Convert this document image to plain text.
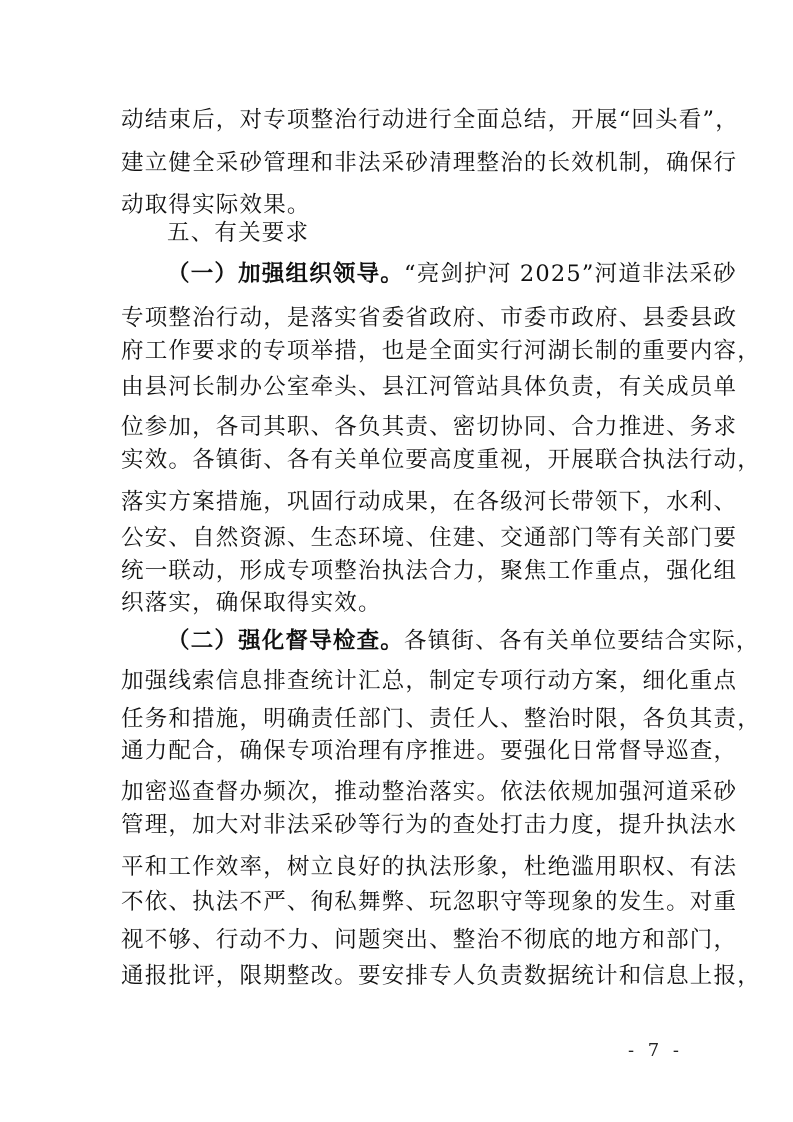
动结束后，对专项整治行动进行全面总结，开展“回头看”，
建立健全采砂管理和非法采砂清理整治的长效机制，确保行
动取得实际效果。
五、有关要求
（一）加强组织领导。“亮剑护河 2025”河道非法采砂
专项整治行动，是落实省委省政府、市委市政府、县委县政
府工作要求的专项举措，也是全面实行河湖长制的重要内容，
由县河长制办公室牵头、县江河管站具体负责，有关成员单
位参加，各司其职、各负其责、密切协同、合力推进、务求
实效。各镇街、各有关单位要高度重视，开展联合执法行动，
落实方案措施，巩固行动成果，在各级河长带领下，水利、
公安、自然资源、生态环境、住建、交通部门等有关部门要
统一联动，形成专项整治执法合力，聚焦工作重点，强化组
织落实，确保取得实效。
（二）强化督导检查。各镇街、各有关单位要结合实际，
加强线索信息排查统计汇总，制定专项行动方案，细化重点
任务和措施，明确责任部门、责任人、整治时限，各负其责，
通力配合，确保专项治理有序推进。要强化日常督导巡查，
加密巡查督办频次，推动整治落实。依法依规加强河道采砂
管理，加大对非法采砂等行为的查处打击力度，提升执法水
平和工作效率，树立良好的执法形象，杜绝滥用职权、有法
不依、执法不严、徇私舞弊、玩忽职守等现象的发生。对重
视不够、行动不力、问题突出、整治不彻底的地方和部门，
通报批评，限期整改。要安排专人负责数据统计和信息上报，
- 7 -
